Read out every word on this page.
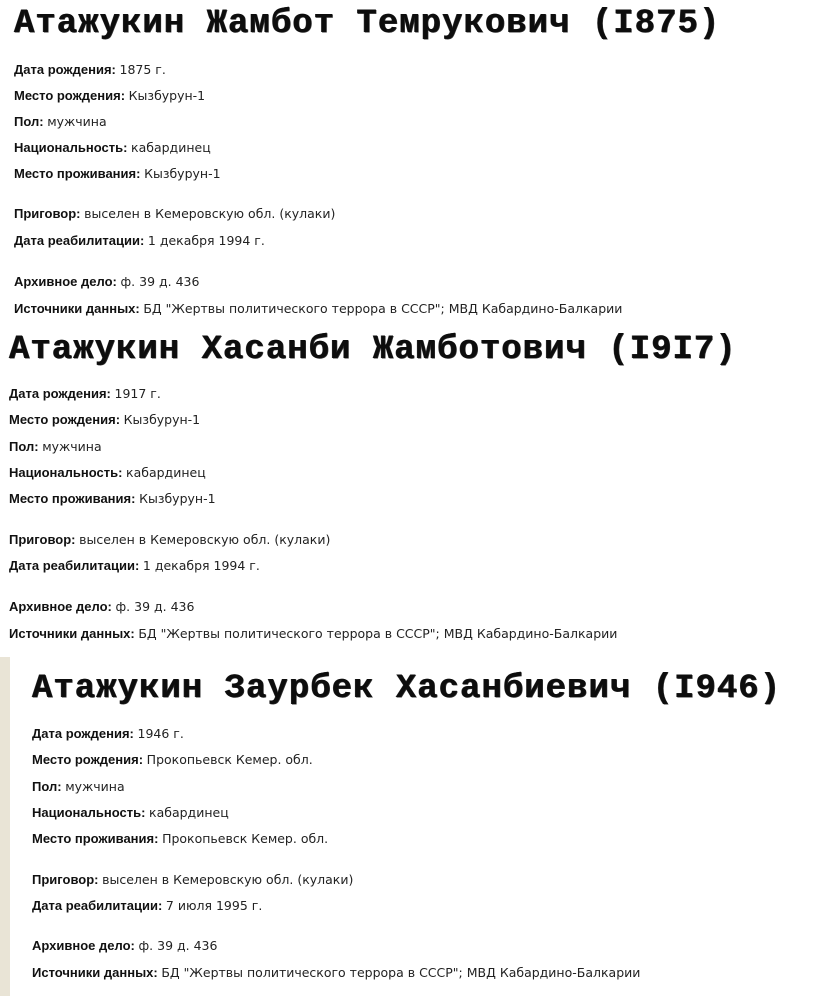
Атажукин Жамбот Темрукович (I875)
Дата рождения: 1875 г.
Место рождения: Кызбурун-1
Пол: мужчина
Национальность: кабардинец
Место проживания: Кызбурун-1
Приговор: выселен в Кемеровскую обл. (кулаки)
Дата реабилитации: 1 декабря 1994 г.
Архивное дело: ф. 39 д. 436
Источники данных: БД "Жертвы политического террора в СССР"; МВД Кабардино-Балкарии
Атажукин Хасанби Жамботович (I9I7)
Дата рождения: 1917 г.
Место рождения: Кызбурун-1
Пол: мужчина
Национальность: кабардинец
Место проживания: Кызбурун-1
Приговор: выселен в Кемеровскую обл. (кулаки)
Дата реабилитации: 1 декабря 1994 г.
Архивное дело: ф. 39 д. 436
Источники данных: БД "Жертвы политического террора в СССР"; МВД Кабардино-Балкарии
Атажукин Заурбек Хасанбиевич (I946)
Дата рождения: 1946 г.
Место рождения: Прокопьевск Кемер. обл.
Пол: мужчина
Национальность: кабардинец
Место проживания: Прокопьевск Кемер. обл.
Приговор: выселен в Кемеровскую обл. (кулаки)
Дата реабилитации: 7 июля 1995 г.
Архивное дело: ф. 39 д. 436
Источники данных: БД "Жертвы политического террора в СССР"; МВД Кабардино-Балкарии
